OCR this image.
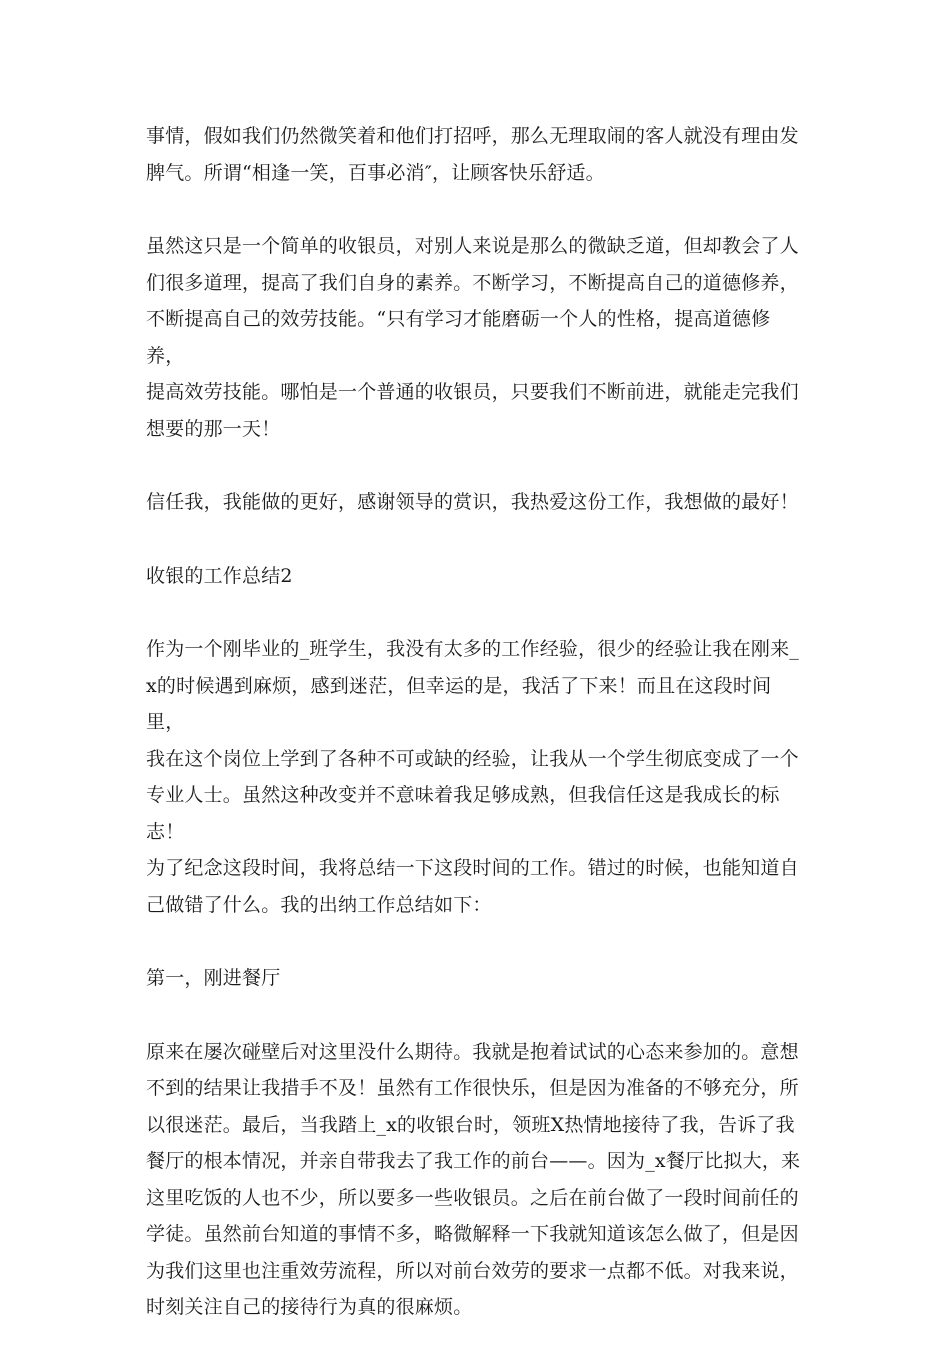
事情，假如我们仍然微笑着和他们打招呼，那么无理取闹的客人就没有理由发
脾气。所谓“相逢一笑，百事必消″，让顾客快乐舒适。

虽然这只是一个简单的收银员，对别人来说是那么的微缺乏道，但却教会了人
们很多道理，提高了我们自身的素养。不断学习，不断提高自己的道德修养，
不断提高自己的效劳技能。“只有学习才能磨砺一个人的性格，提高道德修养，
提高效劳技能。哪怕是一个普通的收银员，只要我们不断前进，就能走完我们
想要的那一天！

信任我，我能做的更好，感谢领导的赏识，我热爱这份工作，我想做的最好！

收银的工作总结2

作为一个刚毕业的_班学生，我没有太多的工作经验，很少的经验让我在刚来_
x的时候遇到麻烦，感到迷茫，但幸运的是，我活了下来！而且在这段时间里，
我在这个岗位上学到了各种不可或缺的经验，让我从一个学生彻底变成了一个
专业人士。虽然这种改变并不意味着我足够成熟，但我信任这是我成长的标志！
为了纪念这段时间，我将总结一下这段时间的工作。错过的时候，也能知道自
己做错了什么。我的出纳工作总结如下：

第一，刚进餐厅

原来在屡次碰壁后对这里没什么期待。我就是抱着试试的心态来参加的。意想
不到的结果让我措手不及！虽然有工作很快乐，但是因为准备的不够充分，所
以很迷茫。最后，当我踏上_x的收银台时，领班X热情地接待了我，告诉了我
餐厅的根本情况，并亲自带我去了我工作的前台——。因为_x餐厅比拟大，来
这里吃饭的人也不少，所以要多一些收银员。之后在前台做了一段时间前任的
学徒。虽然前台知道的事情不多，略微解释一下我就知道该怎么做了，但是因
为我们这里也注重效劳流程，所以对前台效劳的要求一点都不低。对我来说，
时刻关注自己的接待行为真的很麻烦。
